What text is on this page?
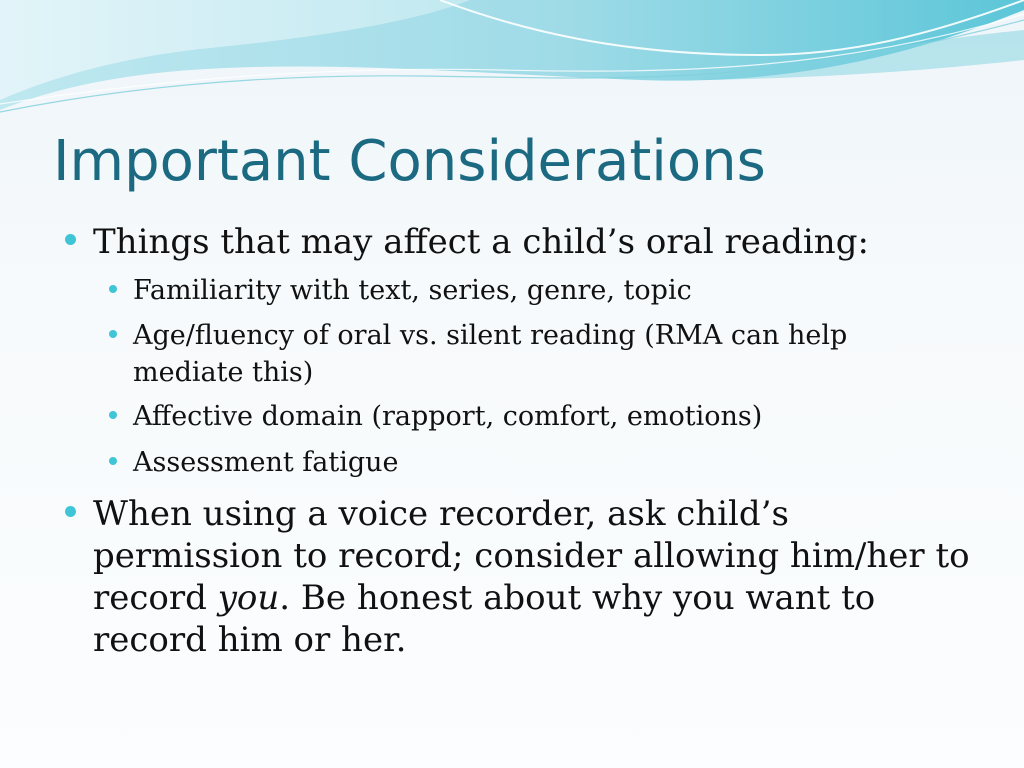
Important Considerations
Things that may affect a child’s oral reading:
Familiarity with text, series, genre, topic
Age/fluency of oral vs. silent reading (RMA can help mediate this)
Affective domain (rapport, comfort, emotions)
Assessment fatigue
When using a voice recorder, ask child’s permission to record; consider allowing him/her to record you. Be honest about why you want to record him or her.
